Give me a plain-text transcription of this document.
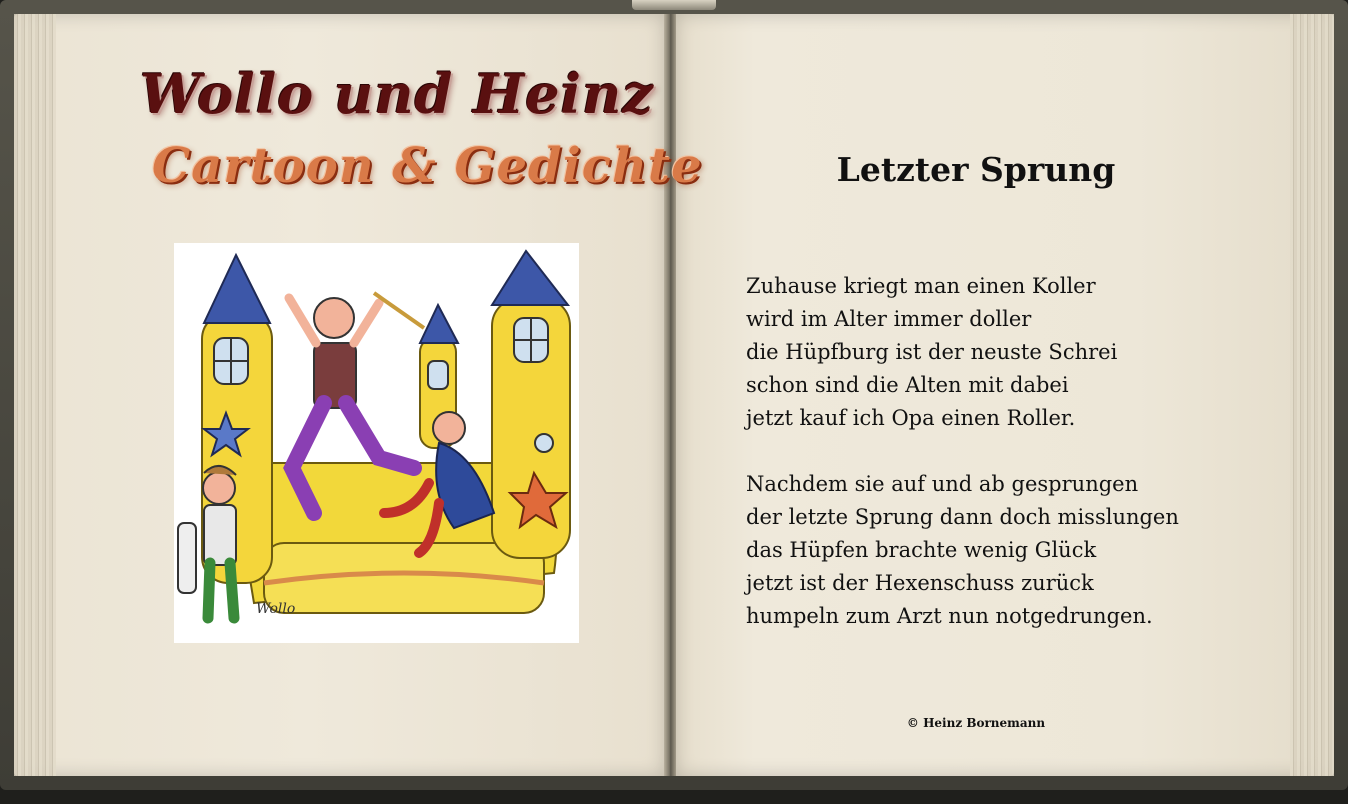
Wollo und Heinz
Cartoon & Gedichte
Wollo
Letzter Sprung
Zuhause kriegt man einen Koller
wird im Alter immer doller
die Hüpfburg ist der neuste Schrei
schon sind die Alten mit dabei
jetzt kauf ich Opa einen Roller.
Nachdem sie auf und ab gesprungen
der letzte Sprung dann doch misslungen
das Hüpfen brachte wenig Glück
jetzt ist der Hexenschuss zurück
humpeln zum Arzt nun notgedrungen.
© Heinz Bornemann
